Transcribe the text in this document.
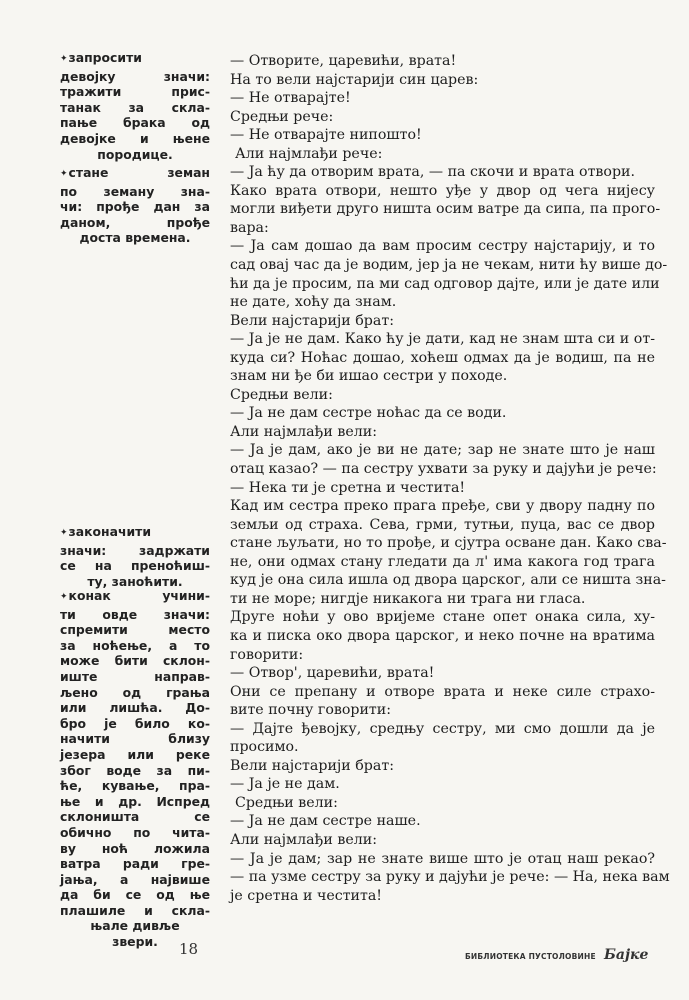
✦запросити
девојку значи:
тражити прис-
танак за скла-
пање брака од
девојке и њене
породице.
✦стане земан
по земану зна-
чи: прође дан за
даном, прође
доста времена.
✦закoначити
значи: задржати
се на преноћиш-
ту, заноћити.
✦конак учини-
ти овде значи:
спремити место
за ноћење, а то
може бити склон-
иште направ-
љено од грања
или лишћа. До-
бро је било ко-
начити близу
језера или реке
због воде за пи-
ће, кување, пра-
ње и др. Испред
склоништа се
обично по чита-
ву ноћ ложила
ватра ради гре-
јања, а највише
да би се од ње
плашиле и склa-
њале дивље
звери.
— Отворите, царевићи, врата!
На то вели најстарији син царев:
— Не отварајте!
Средњи рече:
— Не отварајте нипошто!
Али најмлађи рече:
— Ја ћу да отворим врата, — па скочи и врата отвори.
Како врата отвори, нешто уђе у двор од чега нијесу
могли виђети друго ништа осим ватре да сипа, па прого-
вара:
— Ја сам дошао да вам просим сестру најстарију, и то
сад овај час да је водим, јер ја не чекам, нити ћу више до-
ћи да је просим, па ми сад одговор дајте, или је дате или
не дате, хоћу да знам.
Вели најстарији брат:
— Ја је не дам. Како ћу је дати, кад не знам шта си и от-
куда си? Ноћас дошао, хоћеш одмах да је водиш, па не
знам ни ђе би ишао сестри у походе.
Средњи вели:
— Ја не дам сестре ноћас да се води.
Али најмлађи вели:
— Ја је дам, ако је ви не дате; зар не знате што је наш
отац казао? — па сестру ухвати за руку и дајући је рече:
— Нека ти је сретна и честита!
Кад им сестра преко прага пређе, сви у двору падну по
земљи од страха. Сева, грми, тутњи, пуца, вас се двор
стане љуљати, но то прође, и сјутра осване дан. Како сва-
не, они одмах стану гледати да л' има какога год трага
куд је она сила ишла од двора царског, али се ништа зна-
ти не море; нигдје никакога ни трага ни гласа.
Друге ноћи у ово вријеме стане опет онака сила, ху-
ка и писка око двора царског, и неко почне на вратима
говорити:
— Отвор', царевићи, врата!
Они се препану и отворе врата и неке силе страхо-
вите почну говорити:
— Дајте ђевојку, средњу сестру, ми смо дошли да је
просимо.
Вели најстарији брат:
— Ја је не дам.
Средњи вели:
— Ја не дам сестре наше.
Али најмлађи вели:
— Ја је дам; зар не знате више што је отац наш рекао?
— па узме сестру за руку и дајући је рече: — На, нека вам
је сретна и честита!
18	БИБЛИОТЕКА ПУСТОЛОВИНЕ Бајке
